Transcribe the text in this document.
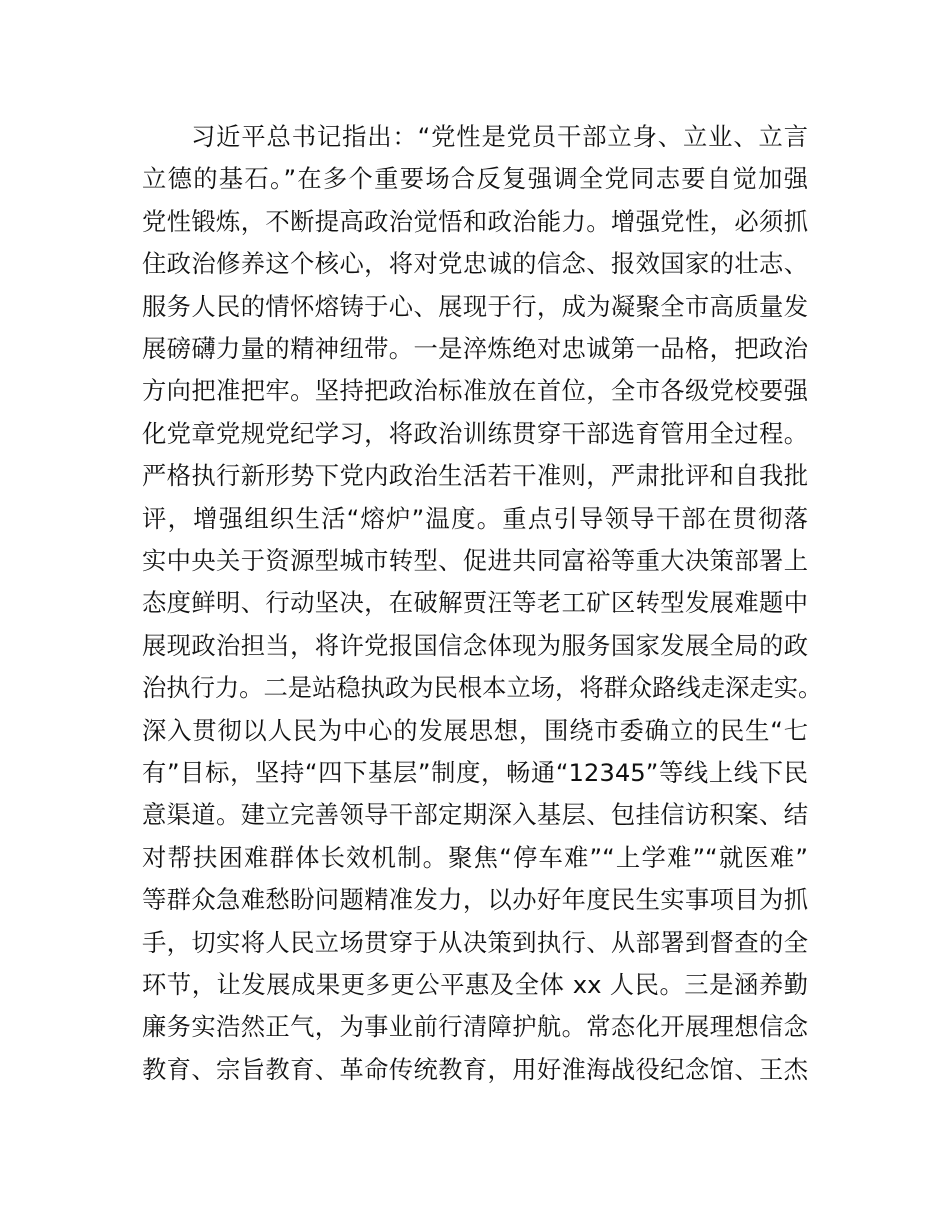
习近平总书记指出：“党性是党员干部立身、立业、立言
立德的基石。”在多个重要场合反复强调全党同志要自觉加强
党性锻炼，不断提高政治觉悟和政治能力。增强党性，必须抓
住政治修养这个核心，将对党忠诚的信念、报效国家的壮志、
服务人民的情怀熔铸于心、展现于行，成为凝聚全市高质量发
展磅礴力量的精神纽带。一是淬炼绝对忠诚第一品格，把政治
方向把准把牢。坚持把政治标准放在首位，全市各级党校要强
化党章党规党纪学习，将政治训练贯穿干部选育管用全过程。
严格执行新形势下党内政治生活若干准则，严肃批评和自我批
评，增强组织生活“熔炉”温度。重点引导领导干部在贯彻落
实中央关于资源型城市转型、促进共同富裕等重大决策部署上
态度鲜明、行动坚决，在破解贾汪等老工矿区转型发展难题中
展现政治担当，将许党报国信念体现为服务国家发展全局的政
治执行力。二是站稳执政为民根本立场，将群众路线走深走实。
深入贯彻以人民为中心的发展思想，围绕市委确立的民生“七
有”目标，坚持“四下基层”制度，畅通“12345”等线上线下民
意渠道。建立完善领导干部定期深入基层、包挂信访积案、结
对帮扶困难群体长效机制。聚焦“停车难”“上学难”“就医难”
等群众急难愁盼问题精准发力，以办好年度民生实事项目为抓
手，切实将人民立场贯穿于从决策到执行、从部署到督查的全
环节，让发展成果更多更公平惠及全体 xx 人民。三是涵养勤
廉务实浩然正气，为事业前行清障护航。常态化开展理想信念
教育、宗旨教育、革命传统教育，用好淮海战役纪念馆、王杰
